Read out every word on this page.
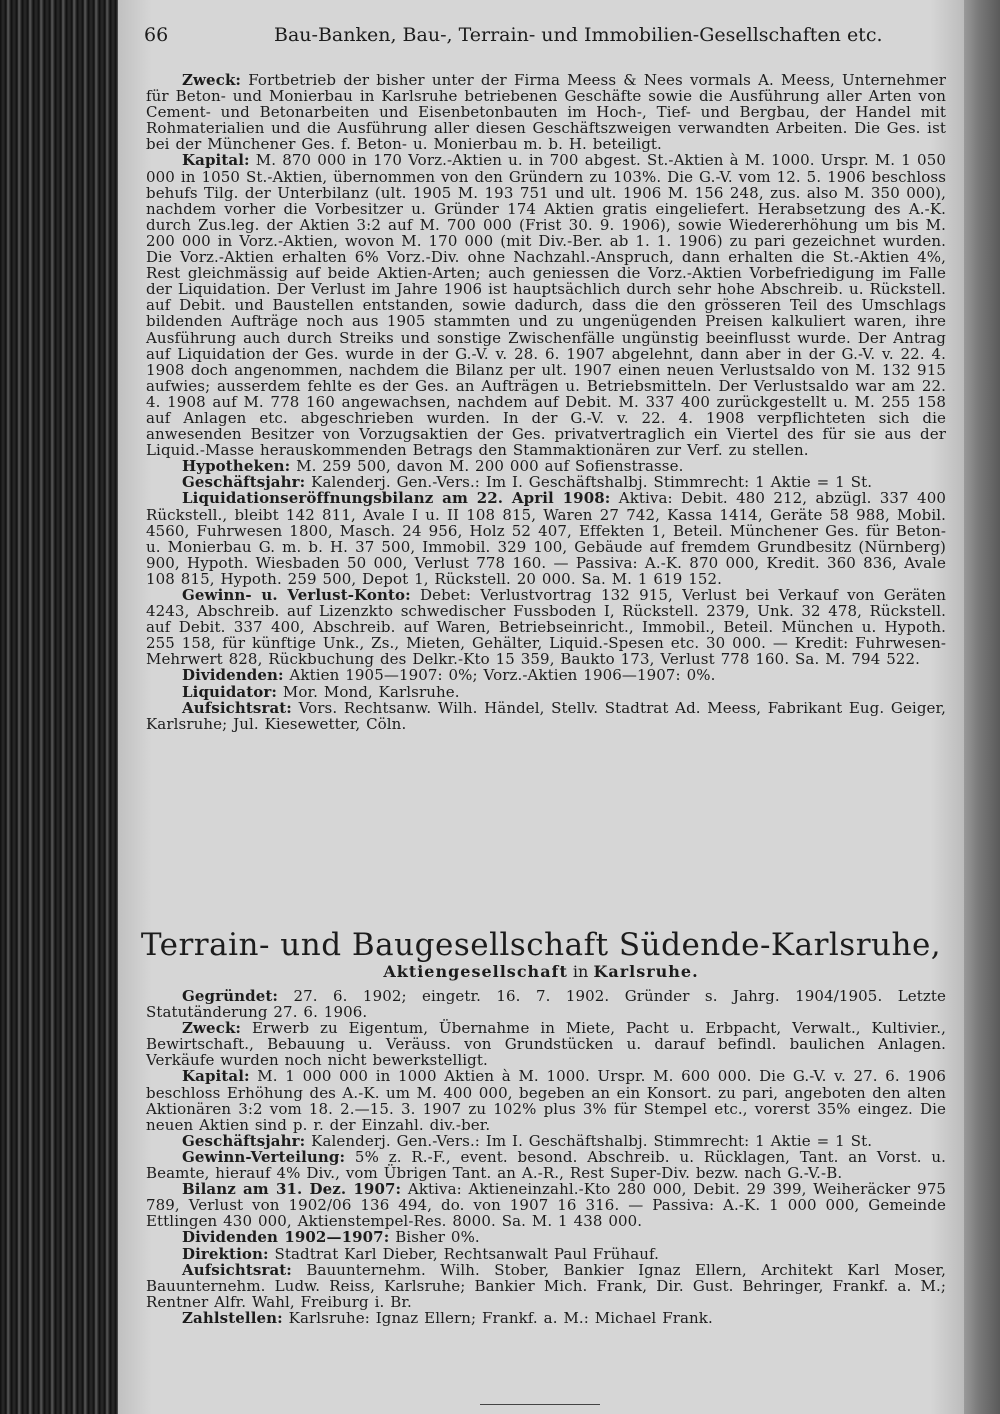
66	Bau-Banken, Bau-, Terrain- und Immobilien-Gesellschaften etc.

Zweck: Fortbetrieb der bisher unter der Firma Meess & Nees vormals A. Meess, Unternehmer für Beton- und Monierbau in Karlsruhe betriebenen Geschäfte sowie die Ausführung aller Arten von Cement- und Betonarbeiten und Eisenbetonbauten im Hoch-, Tief- und Bergbau, der Handel mit Rohmaterialien und die Ausführung aller diesen Geschäftszweigen verwandten Arbeiten. Die Ges. ist bei der Münchener Ges. f. Beton- u. Monierbau m. b. H. beteiligt.

Kapital: M. 870 000 in 170 Vorz.-Aktien u. in 700 abgest. St.-Aktien à M. 1000. Urspr. M. 1 050 000 in 1050 St.-Aktien, übernommen von den Gründern zu 103%. Die G.-V. vom 12. 5. 1906 beschloss behufs Tilg. der Unterbilanz (ult. 1905 M. 193 751 und ult. 1906 M. 156 248, zus. also M. 350 000), nachdem vorher die Vorbesitzer u. Gründer 174 Aktien gratis eingeliefert. Herabsetzung des A.-K. durch Zus.leg. der Aktien 3:2 auf M. 700 000 (Frist 30. 9. 1906), sowie Wiedererhöhung um bis M. 200 000 in Vorz.-Aktien, wovon M. 170 000 (mit Div.-Ber. ab 1. 1. 1906) zu pari gezeichnet wurden. Die Vorz.-Aktien erhalten 6% Vorz.-Div. ohne Nachzahl.-Anspruch, dann erhalten die St.-Aktien 4%, Rest gleichmässig auf beide Aktien-Arten; auch geniessen die Vorz.-Aktien Vorbefriedigung im Falle der Liquidation. Der Verlust im Jahre 1906 ist hauptsächlich durch sehr hohe Abschreib. u. Rückstell. auf Debit. und Baustellen entstanden, sowie dadurch, dass die den grösseren Teil des Umschlags bildenden Aufträge noch aus 1905 stammten und zu ungenügenden Preisen kalkuliert waren, ihre Ausführung auch durch Streiks und sonstige Zwischenfälle ungünstig beeinflusst wurde. Der Antrag auf Liquidation der Ges. wurde in der G.-V. v. 28. 6. 1907 abgelehnt, dann aber in der G.-V. v. 22. 4. 1908 doch angenommen, nachdem die Bilanz per ult. 1907 einen neuen Verlustsaldo von M. 132 915 aufwies; ausserdem fehlte es der Ges. an Aufträgen u. Betriebsmitteln. Der Verlustsaldo war am 22. 4. 1908 auf M. 778 160 angewachsen, nachdem auf Debit. M. 337 400 zurückgestellt u. M. 255 158 auf Anlagen etc. abgeschrieben wurden. In der G.-V. v. 22. 4. 1908 verpflichteten sich die anwesenden Besitzer von Vorzugsaktien der Ges. privatvertraglich ein Viertel des für sie aus der Liquid.-Masse herauskommenden Betrags den Stammaktionären zur Verf. zu stellen.

Hypotheken: M. 259 500, davon M. 200 000 auf Sofienstrasse.

Geschäftsjahr: Kalenderj. Gen.-Vers.: Im I. Geschäftshalbj. Stimmrecht: 1 Aktie = 1 St.

Liquidationseröffnungsbilanz am 22. April 1908: Aktiva: Debit. 480 212, abzügl. 337 400 Rückstell., bleibt 142 811, Avale I u. II 108 815, Waren 27 742, Kassa 1414, Geräte 58 988, Mobil. 4560, Fuhrwesen 1800, Masch. 24 956, Holz 52 407, Effekten 1, Beteil. Münchener Ges. für Beton- u. Monierbau G. m. b. H. 37 500, Immobil. 329 100, Gebäude auf fremdem Grundbesitz (Nürnberg) 900, Hypoth. Wiesbaden 50 000, Verlust 778 160. — Passiva: A.-K. 870 000, Kredit. 360 836, Avale 108 815, Hypoth. 259 500, Depot 1, Rückstell. 20 000. Sa. M. 1 619 152.

Gewinn- u. Verlust-Konto: Debet: Verlustvortrag 132 915, Verlust bei Verkauf von Geräten 4243, Abschreib. auf Lizenzkto schwedischer Fussboden I, Rückstell. 2379, Unk. 32 478, Rückstell. auf Debit. 337 400, Abschreib. auf Waren, Betriebseinricht., Immobil., Beteil. München u. Hypoth. 255 158, für künftige Unk., Zs., Mieten, Gehälter, Liquid.-Spesen etc. 30 000. — Kredit: Fuhrwesen-Mehrwert 828, Rückbuchung des Delkr.-Kto 15 359, Baukto 173, Verlust 778 160. Sa. M. 794 522.

Dividenden: Aktien 1905—1907: 0%; Vorz.-Aktien 1906—1907: 0%.

Liquidator: Mor. Mond, Karlsruhe.

Aufsichtsrat: Vors. Rechtsanw. Wilh. Händel, Stellv. Stadtrat Ad. Meess, Fabrikant Eug. Geiger, Karlsruhe; Jul. Kiesewetter, Cöln.

Terrain- und Baugesellschaft Südende-Karlsruhe,
Aktiengesellschaft in Karlsruhe.

Gegründet: 27. 6. 1902; eingetr. 16. 7. 1902. Gründer s. Jahrg. 1904/1905. Letzte Statutänderung 27. 6. 1906.

Zweck: Erwerb zu Eigentum, Übernahme in Miete, Pacht u. Erbpacht, Verwalt., Kultivier., Bewirtschaft., Bebauung u. Veräuss. von Grundstücken u. darauf befindl. baulichen Anlagen. Verkäufe wurden noch nicht bewerkstelligt.

Kapital: M. 1 000 000 in 1000 Aktien à M. 1000. Urspr. M. 600 000. Die G.-V. v. 27. 6. 1906 beschloss Erhöhung des A.-K. um M. 400 000, begeben an ein Konsort. zu pari, angeboten den alten Aktionären 3:2 vom 18. 2.—15. 3. 1907 zu 102% plus 3% für Stempel etc., vorerst 35% eingez. Die neuen Aktien sind p. r. der Einzahl. div.-ber.

Geschäftsjahr: Kalenderj. Gen.-Vers.: Im I. Geschäftshalbj. Stimmrecht: 1 Aktie = 1 St.

Gewinn-Verteilung: 5% z. R.-F., event. besond. Abschreib. u. Rücklagen, Tant. an Vorst. u. Beamte, hierauf 4% Div., vom Übrigen Tant. an A.-R., Rest Super-Div. bezw. nach G.-V.-B.

Bilanz am 31. Dez. 1907: Aktiva: Aktieneinzahl.-Kto 280 000, Debit. 29 399, Weiheräcker 975 789, Verlust von 1902/06 136 494, do. von 1907 16 316. — Passiva: A.-K. 1 000 000, Gemeinde Ettlingen 430 000, Aktienstempel-Res. 8000. Sa. M. 1 438 000.

Dividenden 1902—1907: Bisher 0%.

Direktion: Stadtrat Karl Dieber, Rechtsanwalt Paul Frühauf.

Aufsichtsrat: Bauunternehm. Wilh. Stober, Bankier Ignaz Ellern, Architekt Karl Moser, Bauunternehm. Ludw. Reiss, Karlsruhe; Bankier Mich. Frank, Dir. Gust. Behringer, Frankf. a. M.; Rentner Alfr. Wahl, Freiburg i. Br.

Zahlstellen: Karlsruhe: Ignaz Ellern; Frankf. a. M.: Michael Frank.
